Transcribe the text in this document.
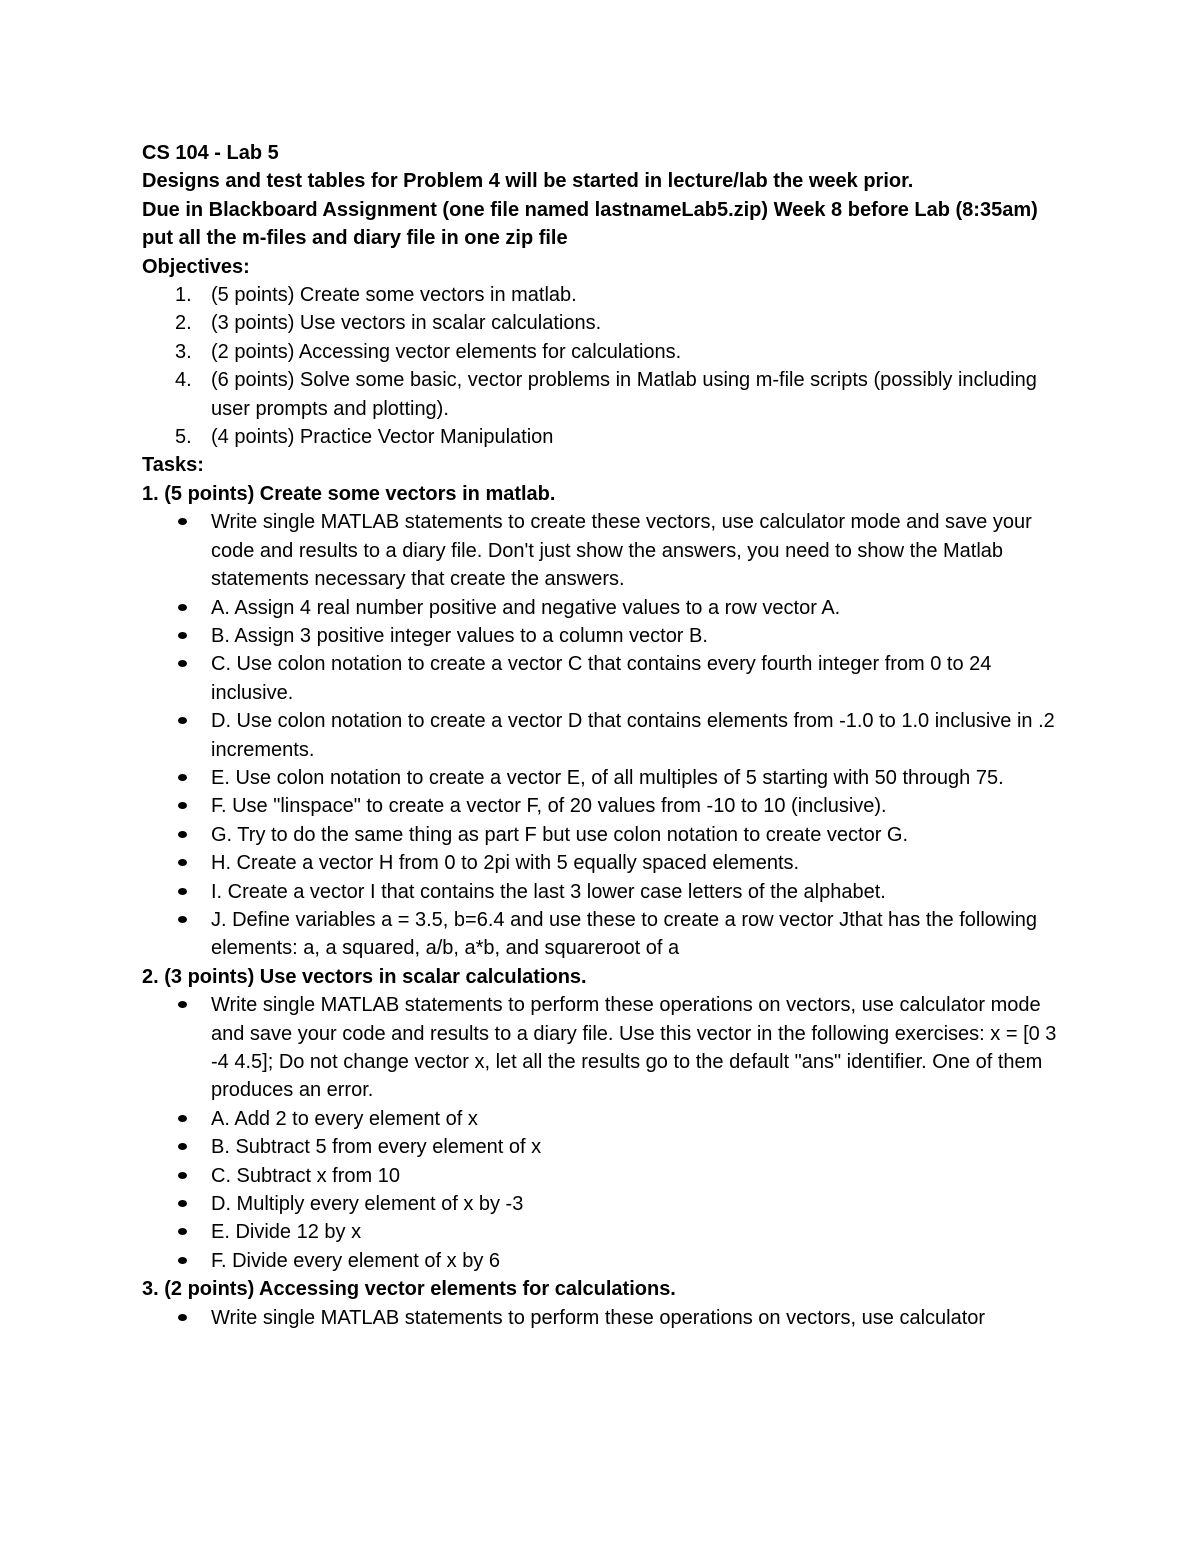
CS 104 - Lab 5
Designs and test tables for Problem 4 will be started in lecture/lab the week prior.
Due in Blackboard Assignment (one file named lastnameLab5.zip) Week 8 before Lab (8:35am)
put all the m-files and diary file in one zip file
Objectives:
1. (5 points) Create some vectors in matlab.
2. (3 points) Use vectors in scalar calculations.
3. (2 points) Accessing vector elements for calculations.
4. (6 points) Solve some basic, vector problems in Matlab using m-file scripts (possibly including user prompts and plotting).
5. (4 points) Practice Vector Manipulation
Tasks:
1. (5 points) Create some vectors in matlab.
Write single MATLAB statements to create these vectors, use calculator mode and save your code and results to a diary file. Don't just show the answers, you need to show the Matlab statements necessary that create the answers.
A. Assign 4 real number positive and negative values to a row vector A.
B. Assign 3 positive integer values to a column vector B.
C. Use colon notation to create a vector C that contains every fourth integer from 0 to 24 inclusive.
D. Use colon notation to create a vector D that contains elements from -1.0 to 1.0 inclusive in .2 increments.
E. Use colon notation to create a vector E, of all multiples of 5 starting with 50 through 75.
F. Use "linspace" to create a vector F, of 20 values from -10 to 10 (inclusive).
G. Try to do the same thing as part F but use colon notation to create vector G.
H. Create a vector H from 0 to 2pi with 5 equally spaced elements.
I. Create a vector I that contains the last 3 lower case letters of the alphabet.
J. Define variables a = 3.5, b=6.4 and use these to create a row vector Jthat has the following elements: a, a squared, a/b, a*b, and squareroot of a
2. (3 points) Use vectors in scalar calculations.
Write single MATLAB statements to perform these operations on vectors, use calculator mode and save your code and results to a diary file. Use this vector in the following exercises: x = [0 3 -4 4.5]; Do not change vector x, let all the results go to the default "ans" identifier. One of them produces an error.
A. Add 2 to every element of x
B. Subtract 5 from every element of x
C. Subtract x from 10
D. Multiply every element of x by -3
E. Divide 12 by x
F. Divide every element of x by 6
3. (2 points) Accessing vector elements for calculations.
Write single MATLAB statements to perform these operations on vectors, use calculator
